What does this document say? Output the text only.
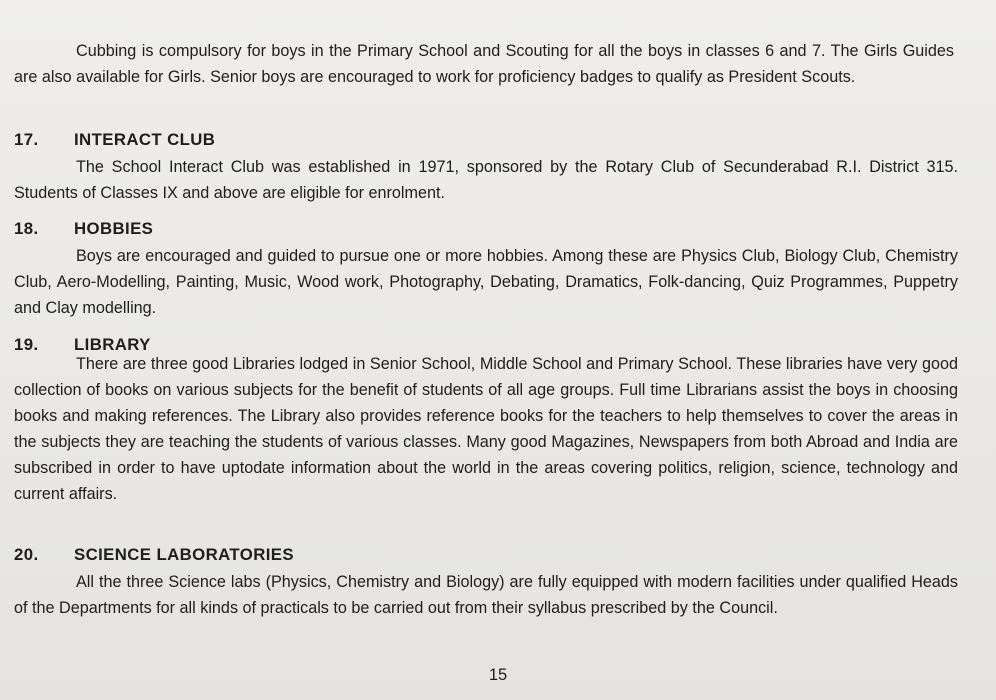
Cubbing is compulsory for boys in the Primary School and Scouting for all the boys in classes 6 and 7. The Girls Guides are also available for Girls. Senior boys are encouraged to work for proficiency badges to qualify as President Scouts.

17.	INTERACT CLUB

The School Interact Club was established in 1971, sponsored by the Rotary Club of Secunderabad R.I. District 315. Students of Classes IX and above are eligible for enrolment.

18.	HOBBIES

Boys are encouraged and guided to pursue one or more hobbies. Among these are Physics Club, Biology Club, Chemistry Club, Aero-Modelling, Painting, Music, Wood work, Photography, Debating, Dramatics, Folk-dancing, Quiz Programmes, Puppetry and Clay modelling.

19.	LIBRARY

There are three good Libraries lodged in Senior School, Middle School and Primary School. These libraries have very good collection of books on various subjects for the benefit of students of all age groups. Full time Librarians assist the boys in choosing books and making references. The Library also provides reference books for the teachers to help themselves to cover the areas in the subjects they are teaching the students of various classes. Many good Magazines, Newspapers from both Abroad and India are subscribed in order to have uptodate information about the world in the areas covering politics, religion, science, technology and current affairs.

20.	SCIENCE LABORATORIES

All the three Science labs (Physics, Chemistry and Biology) are fully equipped with modern facilities under qualified Heads of the Departments for all kinds of practicals to be carried out from their syllabus prescribed by the Council.

15
